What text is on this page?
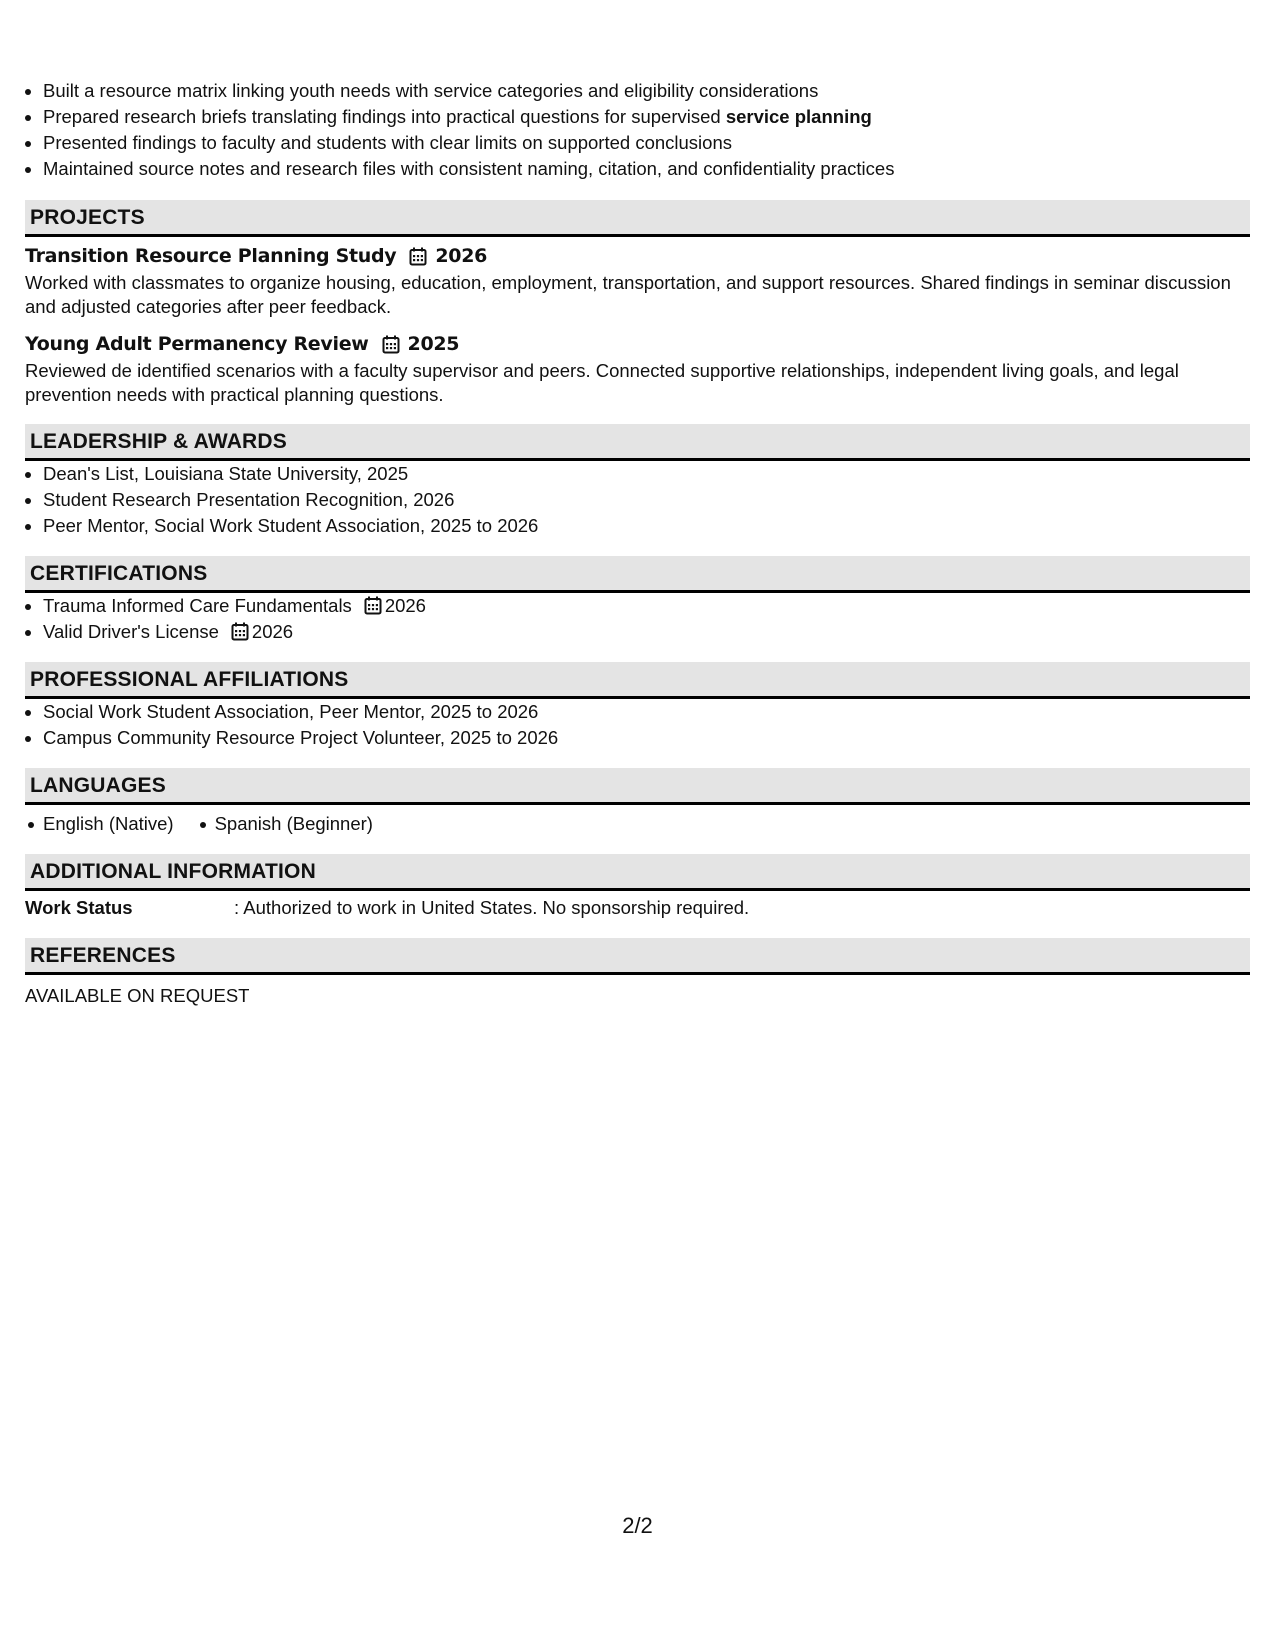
• Built a resource matrix linking youth needs with service categories and eligibility considerations
• Prepared research briefs translating findings into practical questions for supervised service planning
• Presented findings to faculty and students with clear limits on supported conclusions
• Maintained source notes and research files with consistent naming, citation, and confidentiality practices
PROJECTS
Transition Resource Planning Study 2026

Worked with classmates to organize housing, education, employment, transportation, and support resources. Shared findings in seminar discussion and adjusted categories after peer feedback.

Young Adult Permanency Review 2025

Reviewed de identified scenarios with a faculty supervisor and peers. Connected supportive relationships, independent living goals, and legal prevention needs with practical planning questions.

LEADERSHIP & AWARDS
• Dean's List, Louisiana State University, 2025
• Student Research Presentation Recognition, 2026
• Peer Mentor, Social Work Student Association, 2025 to 2026
CERTIFICATIONS
• Trauma Informed Care Fundamentals 2026
• Valid Driver's License 2026
PROFESSIONAL AFFILIATIONS
• Social Work Student Association, Peer Mentor, 2025 to 2026
• Campus Community Resource Project Volunteer, 2025 to 2026
LANGUAGES
English (Native)	Spanish (Beginner)
ADDITIONAL INFORMATION
Work Status	: Authorized to work in United States. No sponsorship required.
REFERENCES
AVAILABLE ON REQUEST
2/2
